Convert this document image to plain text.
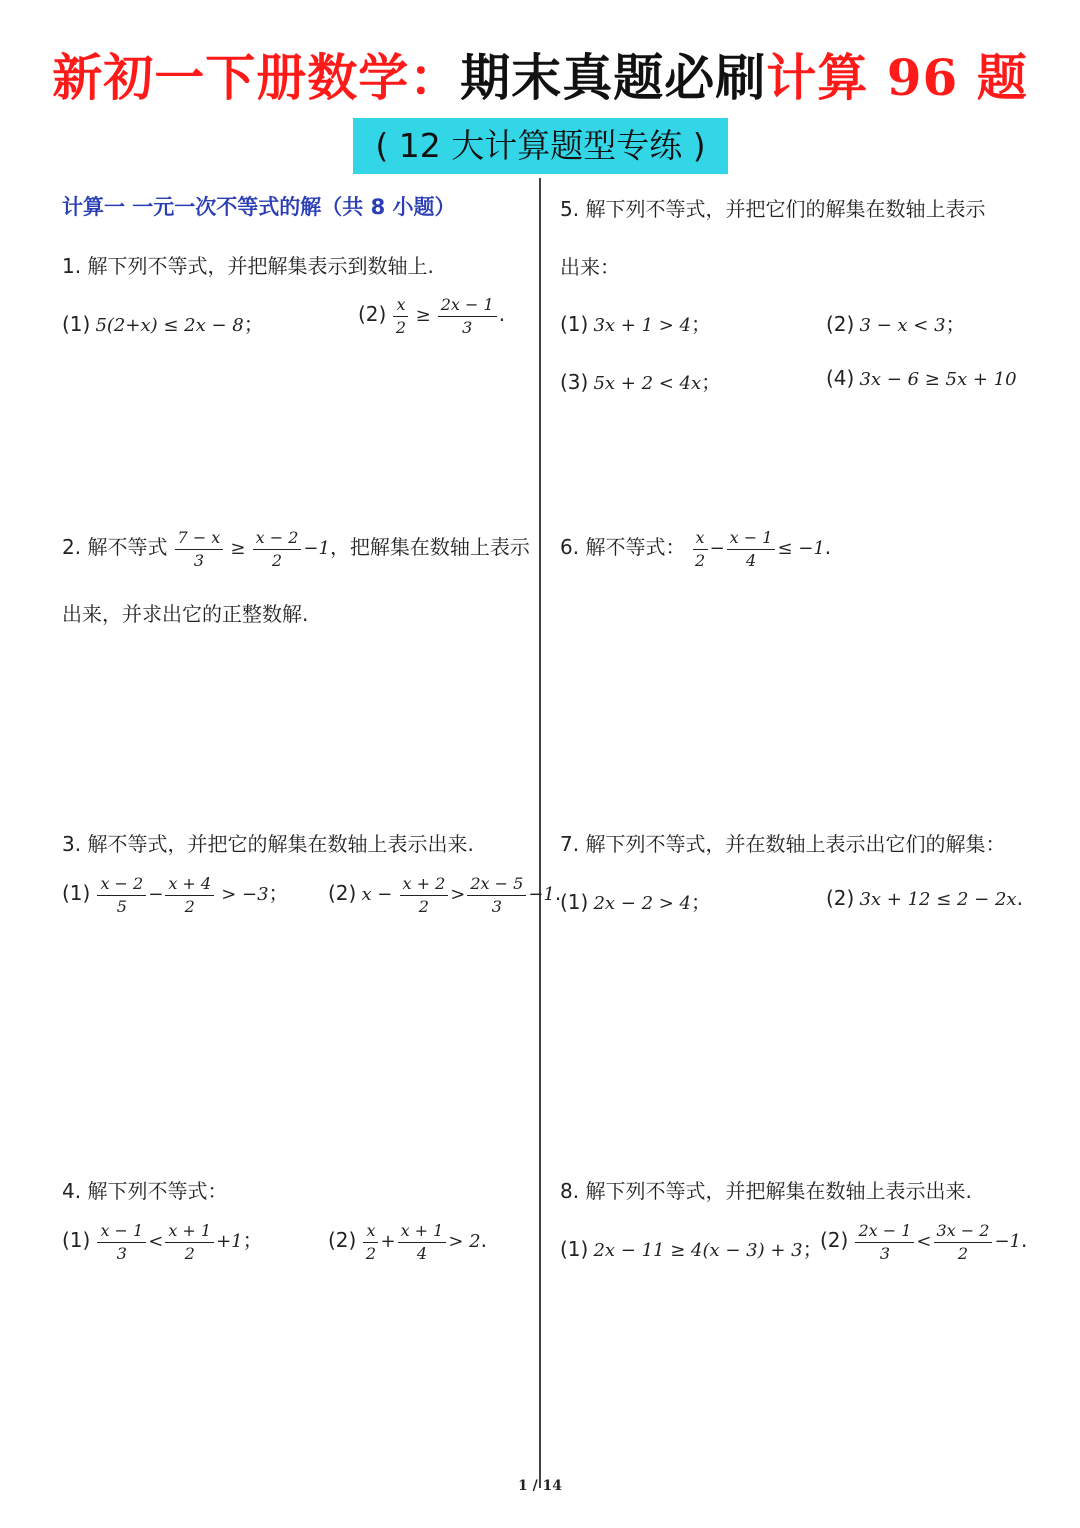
新初一下册数学：期末真题必刷计算 96 题
( 12 大计算题型专练 )
计算一 一元一次不等式的解（共 8 小题）
1. 解下列不等式，并把解集表示到数轴上.
(1) 5(2+x) ≤ 2x − 8；	$(2) \frac{x}{2} \ge \frac{2x - 1}{3}$ .
2. 解不等式 $\frac{7 - x}{3} \ge \frac{x - 2}{2} -1$，把解集在数轴上表示
出来，并求出它的正整数解.
3. 解不等式，并把它的解集在数轴上表示出来.
$(1) \frac{x - 2}{5} - \frac{x + 4}{2} > -3$； (2) $x - \frac{x + 2}{2} > \frac{2x - 5}{3} -1$.
4. 解下列不等式：
$(1) \frac{x - 1}{3} < \frac{x + 1}{2} +1$；	$(2) \frac{x}{2} + \frac{x + 1}{4} > 2$.
5. 解下列不等式，并把它们的解集在数轴上表示
出来：
(1) 3x + 1 > 4；	(2) 3 − x < 3；
(3) 5x + 2 < 4x；	(4) 3x − 6 ≥ 5x + 10
6. 解不等式： $\frac{x}{2} - \frac{x - 1}{4} \le -1$.
7. 解下列不等式，并在数轴上表示出它们的解集：
(1) 2x − 2 > 4；	(2) 3x + 12 ≤ 2 − 2x.
8. 解下列不等式，并把解集在数轴上表示出来.
(1) 2x − 11 ≥ 4(x − 3) + 3；
$(2) \frac{2x - 1}{3} < \frac{3x - 2}{2} -1$.
1 / 14
